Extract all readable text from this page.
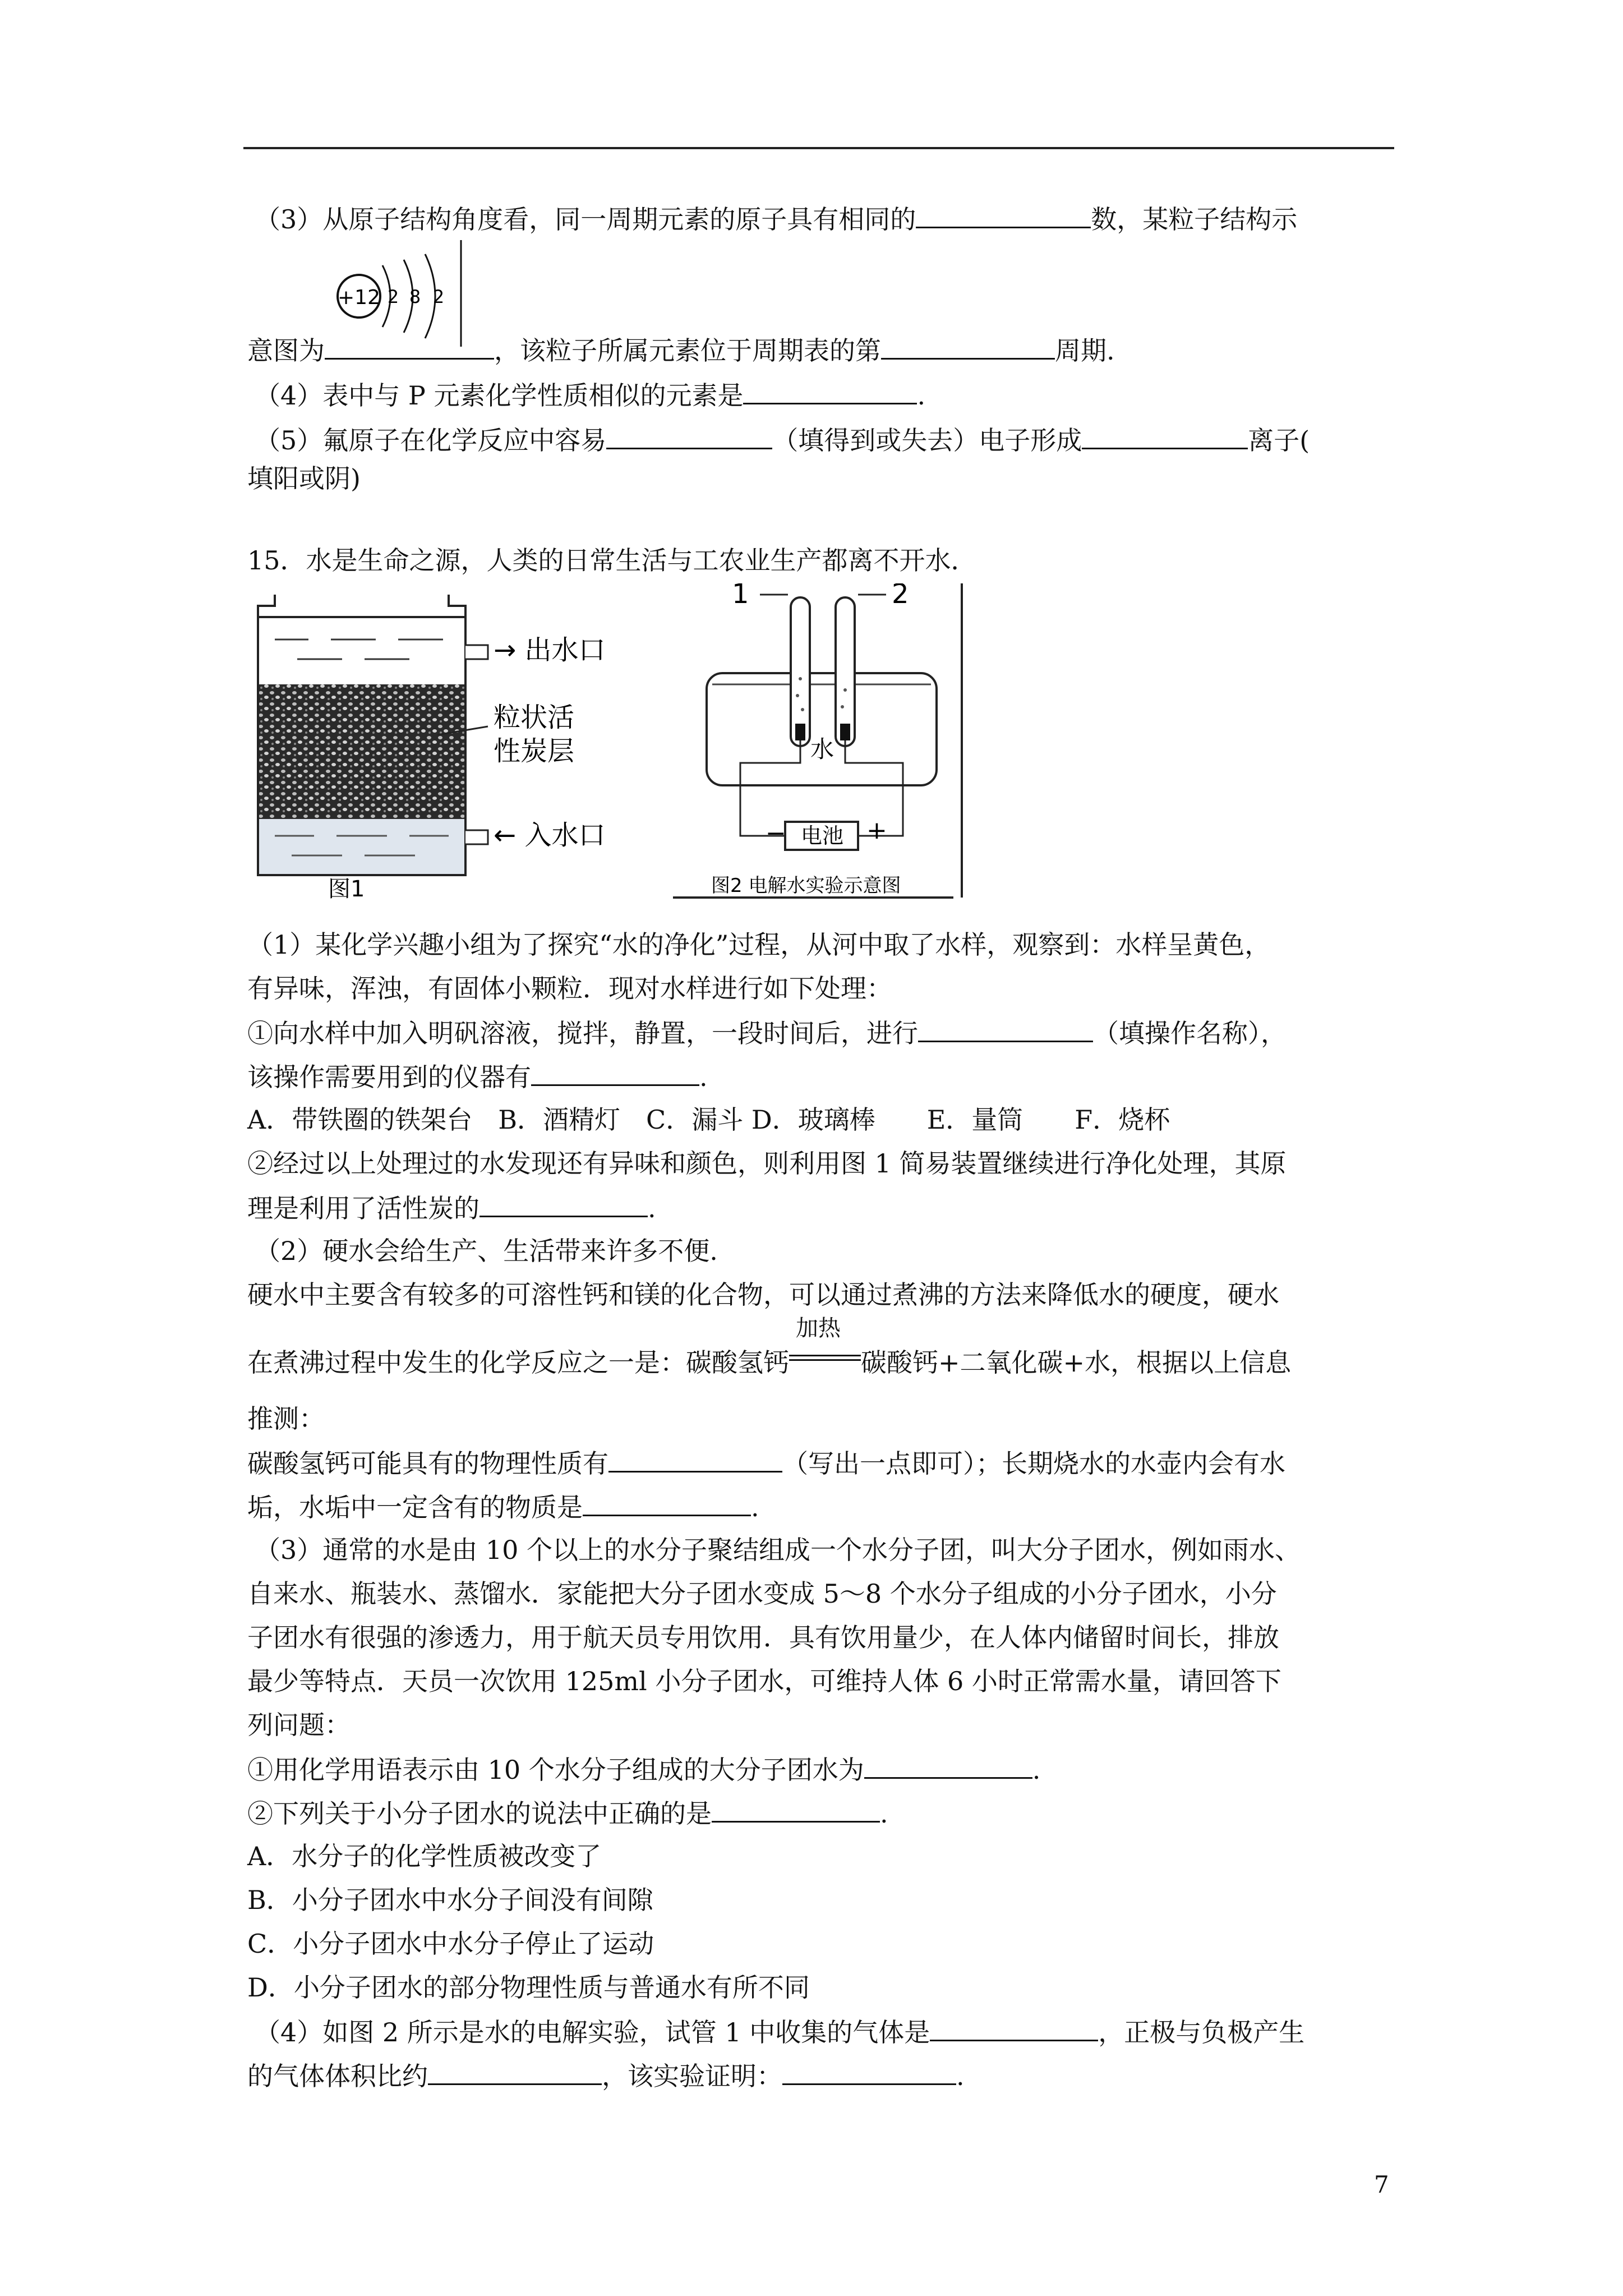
（3）从原子结构角度看，同一周期元素的原子具有相同的	数，某粒子结构示
+12 2 8 2
意图为	，该粒子所属元素位于周期表的第	周期.
（4）表中与 P 元素化学性质相似的元素是	.
（5）氟原子在化学反应中容易	（填得到或失去）电子形成	离子(
填阳或阴)
15．水是生命之源，人类的日常生活与工农业生产都离不开水．
→ 出水口
粒状活
性炭层
← 入水口
图1
1	2
水
电池
−	+
图2 电解水实验示意图
（1）某化学兴趣小组为了探究“水的净化”过程，从河中取了水样，观察到：水样呈黄色，
有异味，浑浊，有固体小颗粒．现对水样进行如下处理：
①向水样中加入明矾溶液，搅拌，静置，一段时间后，进行	（填操作名称），
该操作需要用到的仪器有	.
A．带铁圈的铁架台　B．酒精灯　C．漏斗 D．玻璃棒　　E．量筒　　F．烧杯
②经过以上处理过的水发现还有异味和颜色，则利用图 1 简易装置继续进行净化处理，其原
理是利用了活性炭的	.
（2）硬水会给生产、生活带来许多不便.
硬水中主要含有较多的可溶性钙和镁的化合物，可以通过煮沸的方法来降低水的硬度，硬水
在煮沸过程中发生的化学反应之一是：碳酸氢钙
加热
碳酸钙+二氧化碳+水，根据以上信息
推测：
碳酸氢钙可能具有的物理性质有	（写出一点即可）；长期烧水的水壶内会有水
垢，水垢中一定含有的物质是	.
（3）通常的水是由 10 个以上的水分子聚结组成一个水分子团，叫大分子团水，例如雨水、
自来水、瓶装水、蒸馏水．家能把大分子团水变成 5～8 个水分子组成的小分子团水，小分
子团水有很强的渗透力，用于航天员专用饮用．具有饮用量少，在人体内储留时间长，排放
最少等特点．天员一次饮用 125ml 小分子团水，可维持人体 6 小时正常需水量，请回答下
列问题：
①用化学用语表示由 10 个水分子组成的大分子团水为	.
②下列关于小分子团水的说法中正确的是	.
A．水分子的化学性质被改变了
B．小分子团水中水分子间没有间隙
C．小分子团水中水分子停止了运动
D．小分子团水的部分物理性质与普通水有所不同
（4）如图 2 所示是水的电解实验，试管 1 中收集的气体是	，正极与负极产生
的气体体积比约	，该实验证明：	.
7
